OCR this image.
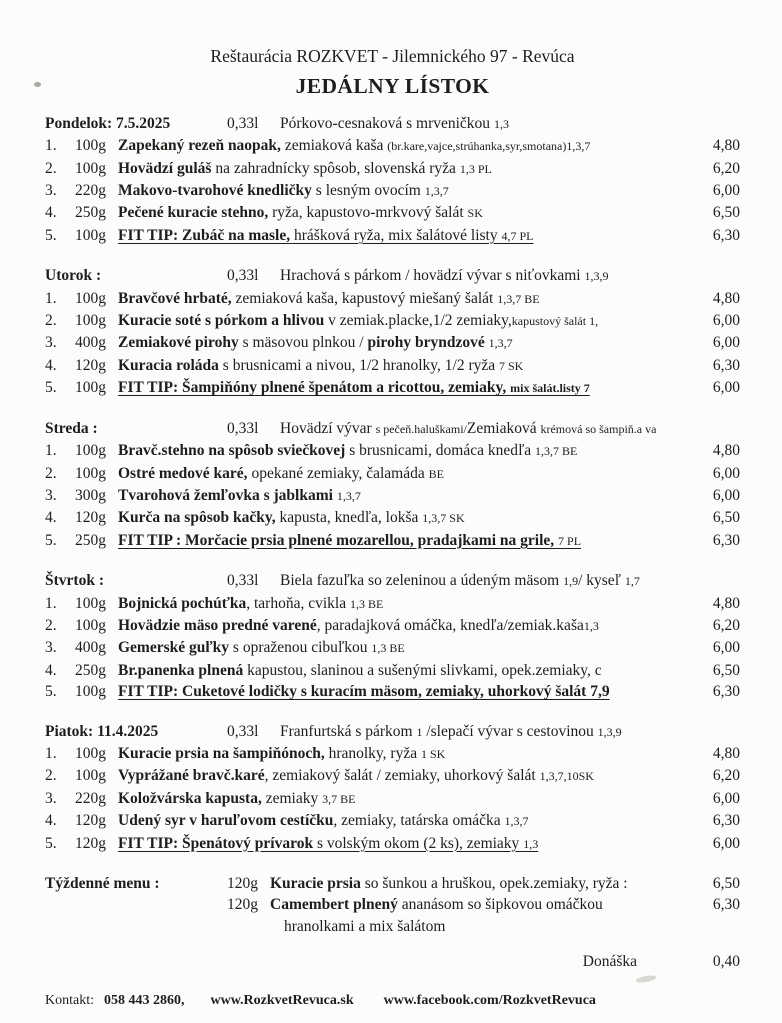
Reštaurácia ROZKVET - Jilemnického 97 - Revúca
JEDÁLNY LÍSTOK
Pondelok: 7.5.2025	0,33l	Pórkovo-cesnaková s mrveničkou 1,3
1.	100g Zapekaný rezeň naopak, zemiaková kaša (br.kare,vajce,strúhanka,syr,smotana)1,3,7	4,80
2.	100g Hovädzí guláš na zahradnícky spôsob, slovenská ryža 1,3 PL	6,20
3.	220g Makovo-tvarohové knedličky s lesným ovocím 1,3,7	6,00
4.	250g Pečené kuracie stehno, ryža, kapustovo-mrkvový šalát SK	6,50
5.	100g FIT TIP: Zubáč na masle, hrášková ryža, mix šalátové listy 4,7 PL	6,30
Utorok :	0,33l	Hrachová s párkom / hovädzí vývar s niťovkami 1,3,9
1.	100g Bravčové hrbaté, zemiaková kaša, kapustový miešaný šalát 1,3,7 BE	4,80
2.	100g Kuracie soté s pórkom a hlivou v zemiak.placke,1/2 zemiaky,kapustový šalát 1,	6,00
3.	400g Zemiakové pirohy s mäsovou plnkou / pirohy bryndzové 1,3,7	6,00
4.	120g Kuracia roláda s brusnicami a nivou, 1/2 hranolky, 1/2 ryža 7 SK	6,30
5.	100g FIT TIP: Šampiňóny plnené špenátom a ricottou, zemiaky, mix šalát.listy 7	6,00
Streda :	0,33l	Hovädzí vývar s pečeň.haluškami/Zemiaková krémová so šampiň.a va
1.	100g Bravč.stehno na spôsob sviečkovej s brusnicami, domáca knedľa 1,3,7 BE	4,80
2.	100g Ostré medové karé, opekané zemiaky, čalamáda BE	6,00
3.	300g Tvarohová žemľovka s jablkami 1,3,7	6,00
4.	120g Kurča na spôsob kačky, kapusta, knedľa, lokša 1,3,7 SK	6,50
5.	250g FIT TIP : Morčacie prsia plnené mozarellou, pradajkami na grile, 7 PL	6,30
Štvrtok :	0,33l	Biela fazuľka so zeleninou a údeným mäsom 1,9/ kyseľ 1,7
1.	100g Bojnická pochúťka, tarhoňa, cvikla 1,3 BE	4,80
2.	100g Hovädzie mäso predné varené, paradajková omáčka, knedľa/zemiak.kaša1,3	6,20
3.	400g Gemerské guľky s opraženou cibuľkou 1,3 BE	6,00
4.	250g Br.panenka plnená kapustou, slaninou a sušenými slivkami, opek.zemiaky, c	6,50
5.	100g FIT TIP: Cuketové lodičky s kuracím mäsom, zemiaky, uhorkový šalát 7,9	6,30
Piatok: 11.4.2025	0,33l	Franfurtská s párkom 1 /slepačí vývar s cestovinou 1,3,9
1.	100g Kuracie prsia na šampiňónoch, hranolky, ryža 1 SK	4,80
2.	100g Vyprážané bravč.karé, zemiakový šalát / zemiaky, uhorkový šalát 1,3,7,10SK	6,20
3.	220g Koložvárska kapusta, zemiaky 3,7 BE	6,00
4.	120g Udený syr v haruľovom cestíčku, zemiaky, tatárska omáčka 1,3,7	6,30
5.	120g FIT TIP: Špenátový prívarok s volským okom (2 ks), zemiaky 1,3	6,00
Týždenné menu :	120g Kuracie prsia so šunkou a hruškou, opek.zemiaky, ryža :	6,50
120g Camembert plnený ananásom so šipkovou omáčkou	6,30
hranolkami a mix šalátom
Donáška	0,40
Kontakt: 058 443 2860, www.RozkvetRevuca.sk www.facebook.com/RozkvetRevuca
